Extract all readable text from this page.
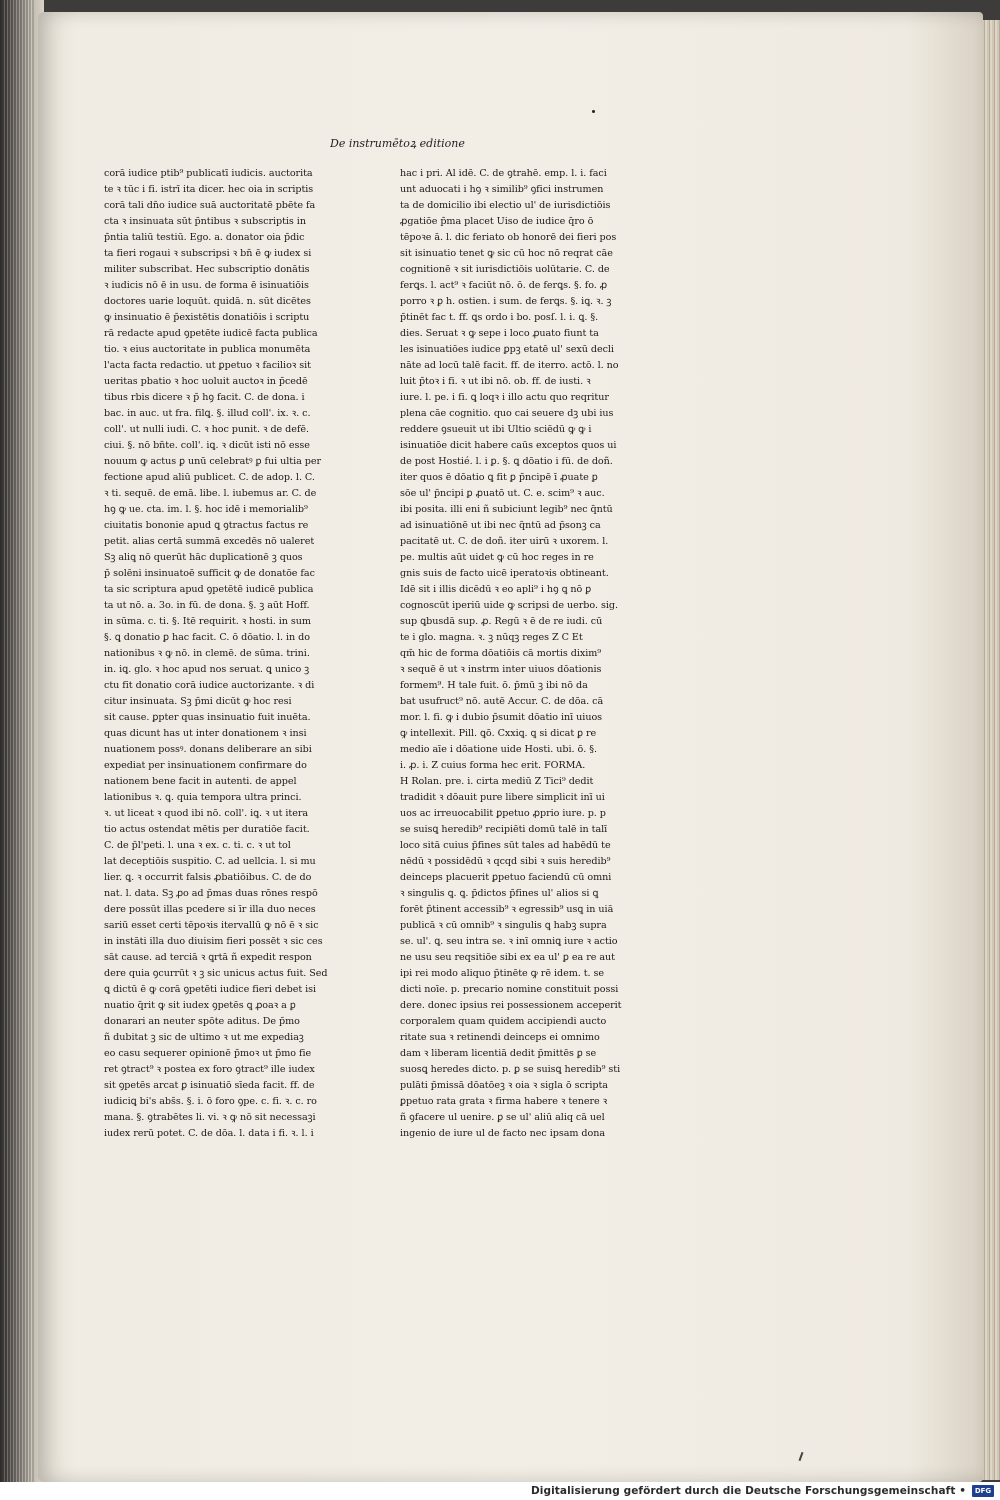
De instrumētoꝝ editione
corā iudice ptib⁹ publicatī iudicis. auctorita
te ꝛ tūc i fi. istrī ita dicer. hec oia in scriptis
corā tali dn̄o iudice suā auctoritatē pbēte fa
cta ꝛ insinuata sūt p̄ntibus ꝛ subscriptis in
p̄ntia taliū testiū. Ego. a. donator oia p̄dic
ta fieri rogaui ꝛ subscripsi ꝛ bn̄ ē ꝙ iudex si
militer subscribat. Hec subscriptio donātis
ꝛ iudicis nō ē in usu. de forma ē isinuatiōis
doctores uarie loquūt. quidā. n. sūt dicētes
ꝙ insinuatio ē p̄existētis donatiōis i scriptu
rā redacte apud ꝯpetēte iudicē facta publica
tio. ꝛ eius auctoritate in publica monumēta
l'acta facta redactio. ut ꝑpetuo ꝛ facilioꝛ sit
ueritas pbatio ꝛ hoc uoluit auctoꝛ in p̄cedē
tibus rbis dicere ꝛ p̄ hꝯ facit. C. de dona. i
bac. in auc. ut fra. filꝗ. §. illud coll'. ix. ꝛ. c.
coll'. ut nulli iudi. C. ꝛ hoc punit. ꝛ de defē.
ciui. §. nō bn̄te. coll'. iꝗ. ꝛ dicūt isti nō esse
nouum ꝙ actus ꝑ unū celebratꝰ ꝑ fui ultia per
fectione apud aliū publicet. C. de adop. l. C.
ꝛ ti. sequē. de emā. libe. l. iubemus ar. C. de
hꝯ ꝙ ue. cta. im. l. §. hoc idē i memorialib⁹
ciuitatis bononie apud ꝗ ꝯtractus factus re
petit. alias certā summā excedēs nō ualeret
Sꝫ aliꝗ nō querūt hāc duplicationē ꝫ quos
p̄ solēni insinuatoē sufficit ꝙ de donatōe fac
ta sic scriptura apud ꝯpetētē iudicē publica
ta ut nō. a. 3o. in fū. de dona. §. ꝫ aūt Hoff.
in sūma. c. ti. §. Itē requirit. ꝛ hosti. in sum
§. ꝗ donatio ꝑ hac facit. C. ō dōatio. l. in do
nationibus ꝛ ꝙ nō. in clemē. de sūma. trini.
in. iꝗ. glo. ꝛ hoc apud nos seruat. ꝗ unico ꝫ
ctu fit donatio corā iudice auctorizante. ꝛ di
citur insinuata. Sꝫ p̄mi dicūt ꝙ hoc resi
sit cause. ꝑpter quas insinuatio fuit inuēta.
quas dicunt has ut inter donationem ꝛ insi
nuationem possꝰ. donans deliberare an sibi
expediat per insinuationem confirmare do
nationem bene facit in autenti. de appel
lationibus ꝛ. ꝗ. quia tempora ultra princi.
ꝛ. ut liceat ꝛ quod ibi nō. coll'. iꝗ. ꝛ ut itera
tio actus ostendat mētis per duratiōe facit.
C. de p̄l'peti. l. una ꝛ ex. c. ti. c. ꝛ ut tol
lat deceptiōis suspitio. C. ad uellcia. l. si mu
lier. ꝗ. ꝛ occurrit falsis ꝓbatiōibus. C. de do
nat. l. data. Sꝫ ꝓo ad p̄mas duas rōnes respō
dere possūt illas pcedere si īr illa duo neces
sariū esset certi tēpoꝛis itervallū ꝙ nō ē ꝛ sic
in instāti illa duo diuisim fieri possēt ꝛ sic ces
sāt cause. ad terciā ꝛ ꝗrtā ñ expedit respon
dere quia ꝯcurrūt ꝛ ꝫ sic unicus actus fuit. Sed
ꝗ dictū ē ꝙ corā ꝯpetēti iudice fieri debet isi
nuatio q̄rit ꝙ sit iudex ꝯpetēs ꝗ ꝓoaꝛ a ꝑ
donarari an neuter spōte aditus. De p̄mo
ñ dubitat ꝫ sic de ultimo ꝛ ut me expediaꝫ
eo casu sequerer opinionē p̄moꝛ ut p̄mo fie
ret ꝯtract⁹ ꝛ postea ex foro ꝯtract⁹ ille iudex
sit ꝯpetēs arcat ꝑ isinuatiō sīeda facit. ff. de
iudiciꝗ bi's abs̄s. §. i. ō foro ꝯpe. c. fi. ꝛ. c. ro
mana. §. ꝯtrabētes li. vi. ꝛ ꝙ nō sit necessaꝫi
iudex rerū potet. C. de dōa. l. data i fi. ꝛ. l. i
hac i pri. Al idē. C. de ꝯtrahē. emp. l. i. faci
unt aduocati i hꝯ ꝛ similib⁹ ꝯfici instrumen
ta de domicilio ibi electio ul' de iurisdictiōis
ꝓgatiōe p̄ma placet Uiso de iudice q̄ro ō
tēpoꝛe ā. l. dic feriato ob honorē dei fieri pos
sit isinuatio tenet ꝙ sic cū hoc nō reqrat cāe
cognitionē ꝛ sit iurisdictiōis uolūtarie. C. de
ferꝗs. l. act⁹ ꝛ faciūt nō. ō. de ferꝗs. §. fo. ꝓ
porro ꝛ ꝑ h. ostien. i sum. de ferꝗs. §. iꝗ. ꝛ. ꝫ
p̄tinēt fac t. ff. ꝗs ordo i bo. posſ. l. i. ꝗ. §.
dies. Seruat ꝛ ꝙ sepe i loco ꝓuato fiunt ta
les isinuatiōes iudice ꝑpꝫ etatē ul' sexū decli
nāte ad locū talē facit. ff. de iterro. actō. l. no
luit p̄toꝛ i fi. ꝛ ut ibi nō. ob. ff. de iusti. ꝛ
iure. l. pe. i fi. ꝗ loqꝛ i illo actu quo reqritur
plena cāe cognitio. quo cai seuere dꝫ ubi ius
reddere ꝯsueuit ut ibi Ultio sciēdū ꝙ ꝙ i
isinuatiōe dicit habere caūs exceptos quos ui
de post Hostié. l. i ꝑ. §. ꝗ dōatio i fū. de doñ.
iter quos ē dōatio ꝗ fit ꝑ p̄ncipē ī ꝓuate ꝑ
sōe ul' p̄ncipi ꝑ ꝓuatō ut. C. e. scim⁹ ꝛ auc.
ibi posita. illi eni ñ subiciunt legib⁹ nec q̄ntū
ad isinuatiōnē ut ibi nec q̄ntū ad p̄sonꝫ ca
pacitatē ut. C. de doñ. iter uirū ꝛ uxorem. l.
pe. multis aūt uidet ꝙ cū hoc reges in re
gnis suis de facto uicē iperatoꝛis obtineant.
Idē sit i illis dicēdū ꝛ eo apli⁹ i hꝯ ꝗ nō ꝑ
cognoscūt iperiū uide ꝙ scripsi de uerbo. sig.
sup ꝗbusdā sup. ꝓ. Regū ꝛ ē de re iudi. cū
te i glo. magna. ꝛ. ꝫ nūqꝫ reges Z C Et
qm̄ hic de forma dōatiōis cā mortis dixim⁹
ꝛ sequē ē ut ꝛ instrm inter uiuos dōationis
formem⁹. H tale fuit. ō. p̄mū ꝫ ibi nō da
bat usufruct⁹ nō. autē Accur. C. de dōa. cā
mor. l. fi. ꝙ i dubio p̄sumit dōatio inī uiuos
ꝙ intellexit. Pill. ꝗō. Cxxiꝗ. ꝗ si dicat ꝑ re
medio aīe i dōatione uide Hosti. ubi. ō. §.
i. ꝓ. i. Z cuius forma hec erit. FORMA.
H Rolan. pre. i. cirta mediū Z Tici⁹ dedit
tradidit ꝛ dōauit pure libere simplicit inī ui
uos ac irreuocabilit ꝑpetuo ꝓprio iure. p. p
se suisꝗ heredib⁹ recipiēti domū talē in talī
loco sitā cuius p̄fines sūt tales ad habēdū te
nēdū ꝛ possidēdū ꝛ qcqd sibi ꝛ suis heredib⁹
deinceps placuerit ꝑpetuo faciendū cū omni
ꝛ singulis ꝗ. ꝗ. p̄dictos p̄fines ul' alios si ꝗ
forēt p̄tinent accessib⁹ ꝛ egressib⁹ usꝗ in uiā
publicā ꝛ cū omnib⁹ ꝛ singulis ꝗ habꝫ supra
se. ul'. ꝗ. seu intra se. ꝛ inī omniꝗ iure ꝛ actio
ne usu seu reqsitiōe sibi ex ea ul' ꝑ ea re aut
ipi rei modo aliquo p̄tinēte ꝙ rē idem. t. se
dicti noīe. p. precario nomine constituit possi
dere. donec ipsius rei possessionem acceperit
corporalem quam quidem accipiendi aucto
ritate sua ꝛ retinendi deinceps ei omnimo
dam ꝛ liberam licentiā dedit p̄mittēs ꝑ se
suosꝗ heredes dicto. p. ꝑ se suisꝗ heredib⁹ sti
pulāti p̄missā dōatōeꝫ ꝛ oia ꝛ sigla ō scripta
ꝑpetuo rata grata ꝛ firma habere ꝛ tenere ꝛ
ñ ꝯfacere ul uenire. ꝑ se ul' aliū aliq cā uel
ingenio de iure ul de facto nec ipsam dona
Digitalisierung gefördert durch die Deutsche Forschungsgemeinschaft •	DFG
